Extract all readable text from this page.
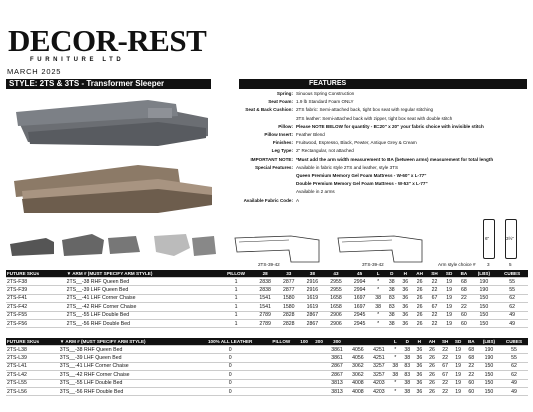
DECOR-REST
FURNITURE LTD
MARCH 2025
STYLE: 2TS & 3TS - Transformer Sleeper	FEATURES
Spring: Sinuous Spring Construction
Seat Foam: 1.9 lb Standard Foam ONLY
Seat & Back Cushion: 2TS fabric: Semi-attached back, tight box seat with regular stitching
3TS leather: Semi-attached back with zipper, tight box seat with double stitch
Pillow: Please NOTE BELOW for quantity - B=20" x 20" your fabric choice with invisible stitch
Pillow Insert: Feather Blend
Finishes: Fruitwood, Espresso, Black, Pewter, Antique Grey & Cream
Leg Type: 2" Rectangular, not attached
IMPORTANT NOTE: *Must add the arm width measurement to BA (between arms) measurement for total length
Special Features: Available in fabric style 2TS and leather, style 3TS
Queen Premium Memory Gel Foam Mattress - W-60" x L-77"
Double Premium Memory Gel Foam Mattress - W-53" x L-77"
Available in 2 arms
Available Fabric Code: A
2TS-39-42	3TS-39-42	Arm style choice # 3	5
6"	3½"
FUTURE SKUs	▼ ARM # (MUST SPECIFY ARM STYLE)	PILLOW	28	33	38	43	45	L	D	H	AH	SH	SD	BA	(LBS)	CUBES
2TS-F38	2TS__-38 RHF Queen Bed	1	2838	2877	2916	2955	2994	*	38	36	26	22	19	68	190	55
2TS-F39	2TS__-39 LHF Queen Bed	1	2838	2877	2916	2955	2994	*	38	36	26	22	19	68	190	55
2TS-F41	2TS__-41 LHF Corner Chaise	1	1541	1580	1619	1658	1697	38	83	36	26	67	19	22	150	62
2TS-F42	2TS__-42 RHF Corner Chaise	1	1541	1580	1619	1658	1697	38	83	36	26	67	19	22	150	62
2TS-F55	2TS__-55 LHF Double Bed	1	2789	2828	2867	2906	2945	*	38	36	26	22	19	60	150	49
2TS-F56	2TS__-56 RHF Double Bed	1	2789	2828	2867	2906	2945	*	38	36	26	22	19	60	150	49
FUTURE SKUs	▼ ARM # (MUST SPECIFY ARM STYLE)	100% ALL LEATHER	PILLOW	100	200	300			L	D	H	AH	SH	SD	BA	(LBS)	CUBES
2TS-L38	3TS__-38 RHF Queen Bed	0				3861	4056	4251	*	38	36	26	22	19	68	190	55
2TS-L39	3TS__-39 LHF Queen Bed	0				3861	4056	4251	*	38	36	26	22	19	68	190	55
2TS-L41	3TS__-41 LHF Corner Chaise	0				2867	3062	3257	38	83	36	26	67	19	22	150	62
2TS-L42	3TS__-42 RHF Corner Chaise	0				2867	3062	3257	38	83	36	26	67	19	22	150	62
2TS-L55	3TS__-55 LHF Double Bed	0				3813	4008	4203	*	38	36	26	22	19	60	150	49
2TS-L56	3TS__-56 RHF Double Bed	0				3813	4008	4203	*	38	36	26	22	19	60	150	49
